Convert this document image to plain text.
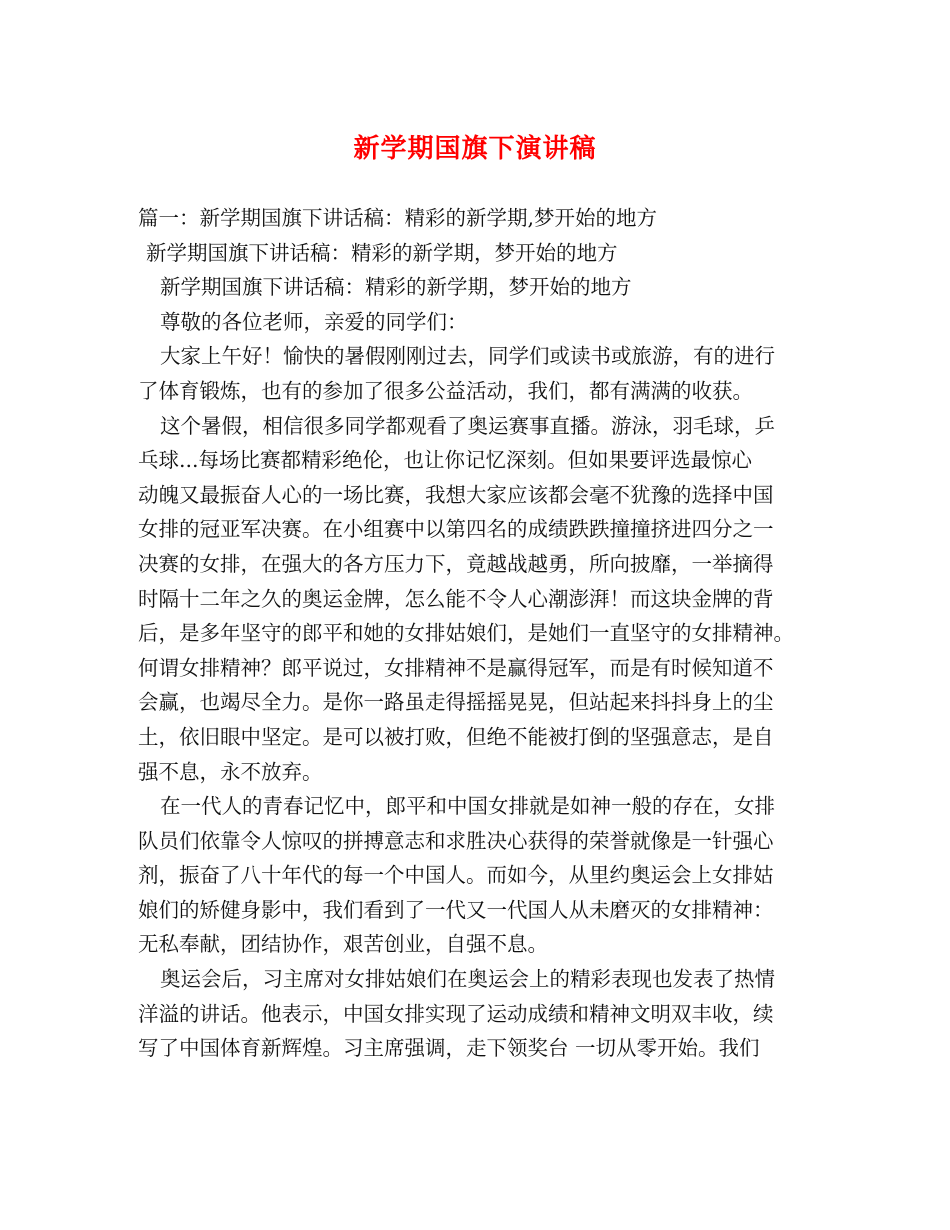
新学期国旗下演讲稿
篇一：新学期国旗下讲话稿：精彩的新学期,梦开始的地方
新学期国旗下讲话稿：精彩的新学期，梦开始的地方
新学期国旗下讲话稿：精彩的新学期，梦开始的地方
尊敬的各位老师，亲爱的同学们：
大家上午好！愉快的暑假刚刚过去，同学们或读书或旅游，有的进行
了体育锻炼，也有的参加了很多公益活动，我们，都有满满的收获。
这个暑假，相信很多同学都观看了奥运赛事直播。游泳，羽毛球，乒
乓球...每场比赛都精彩绝伦，也让你记忆深刻。但如果要评选最惊心
动魄又最振奋人心的一场比赛，我想大家应该都会毫不犹豫的选择中国
女排的冠亚军决赛。在小组赛中以第四名的成绩跌跌撞撞挤进四分之一
决赛的女排，在强大的各方压力下，竟越战越勇，所向披靡，一举摘得
时隔十二年之久的奥运金牌，怎么能不令人心潮澎湃！而这块金牌的背
后，是多年坚守的郎平和她的女排姑娘们，是她们一直坚守的女排精神。
何谓女排精神？郎平说过，女排精神不是赢得冠军，而是有时候知道不
会赢，也竭尽全力。是你一路虽走得摇摇晃晃，但站起来抖抖身上的尘
土，依旧眼中坚定。是可以被打败，但绝不能被打倒的坚强意志，是自
强不息，永不放弃。
在一代人的青春记忆中，郎平和中国女排就是如神一般的存在，女排
队员们依靠令人惊叹的拼搏意志和求胜决心获得的荣誉就像是一针强心
剂，振奋了八十年代的每一个中国人。而如今，从里约奥运会上女排姑
娘们的矫健身影中，我们看到了一代又一代国人从未磨灭的女排精神：
无私奉献，团结协作，艰苦创业，自强不息。
奥运会后，习主席对女排姑娘们在奥运会上的精彩表现也发表了热情
洋溢的讲话。他表示，中国女排实现了运动成绩和精神文明双丰收，续
写了中国体育新辉煌。习主席强调，走下领奖台 一切从零开始。我们
